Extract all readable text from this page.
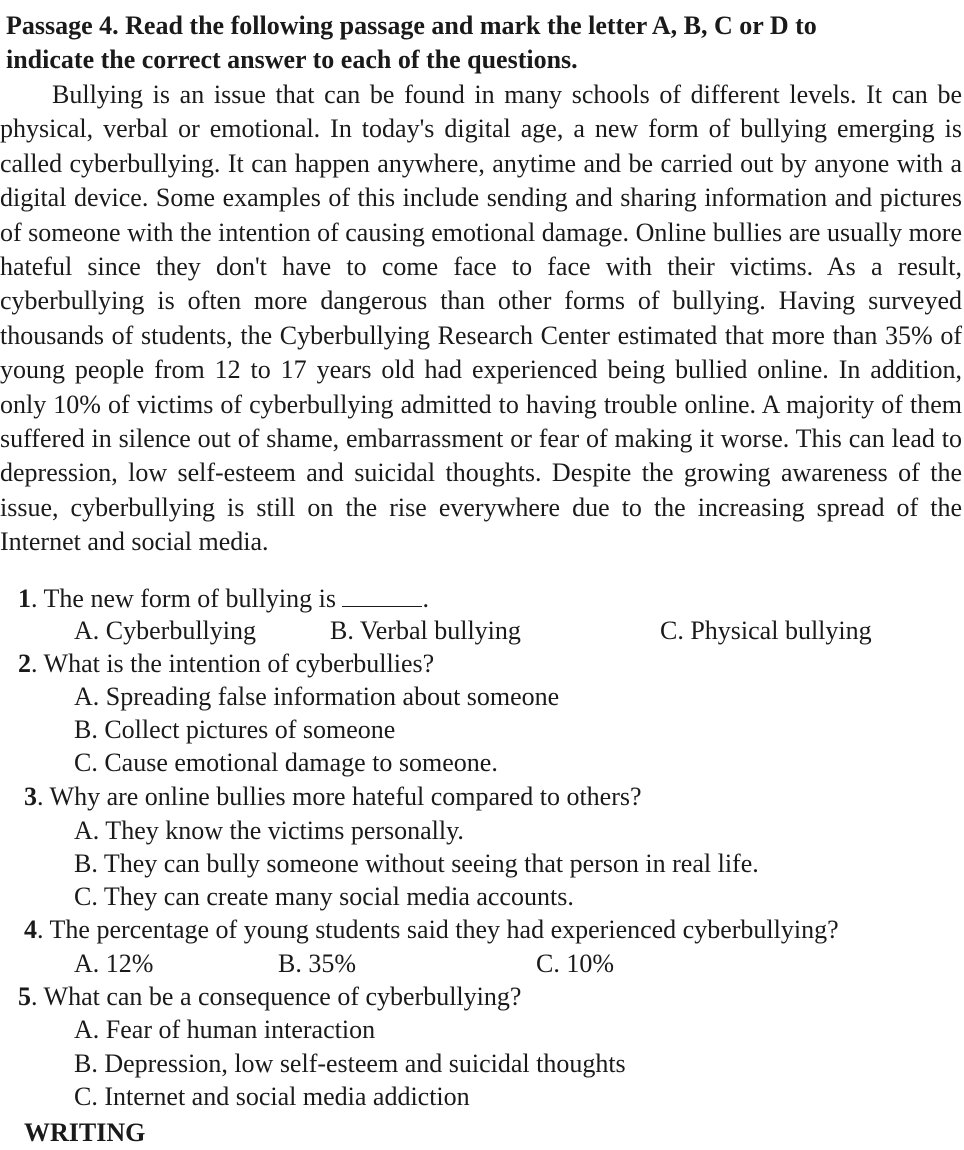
Passage 4. Read the following passage and mark the letter A, B, C or D to
indicate the correct answer to each of the questions.

Bullying is an issue that can be found in many schools of different levels. It can be physical, verbal or emotional. In today's digital age, a new form of bullying emerging is called cyberbullying. It can happen anywhere, anytime and be carried out by anyone with a digital device. Some examples of this include sending and sharing information and pictures of someone with the intention of causing emotional damage. Online bullies are usually more hateful since they don't have to come face to face with their victims. As a result, cyberbullying is often more dangerous than other forms of bullying. Having surveyed thousands of students, the Cyberbullying Research Center estimated that more than 35% of young people from 12 to 17 years old had experienced being bullied online. In addition, only 10% of victims of cyberbullying admitted to having trouble online. A majority of them suffered in silence out of shame, embarrassment or fear of making it worse. This can lead to depression, low self-esteem and suicidal thoughts. Despite the growing awareness of the issue, cyberbullying is still on the rise everywhere due to the increasing spread of the Internet and social media.

1. The new form of bullying is	.
A. Cyberbullying	B. Verbal bullying	C. Physical bullying
2. What is the intention of cyberbullies?
A. Spreading false information about someone
B. Collect pictures of someone
C. Cause emotional damage to someone.
3. Why are online bullies more hateful compared to others?
A. They know the victims personally.
B. They can bully someone without seeing that person in real life.
C. They can create many social media accounts.
4. The percentage of young students said they had experienced cyberbullying?
A. 12%	B. 35%	C. 10%
5. What can be a consequence of cyberbullying?
A. Fear of human interaction
B. Depression, low self-esteem and suicidal thoughts
C. Internet and social media addiction
WRITING
